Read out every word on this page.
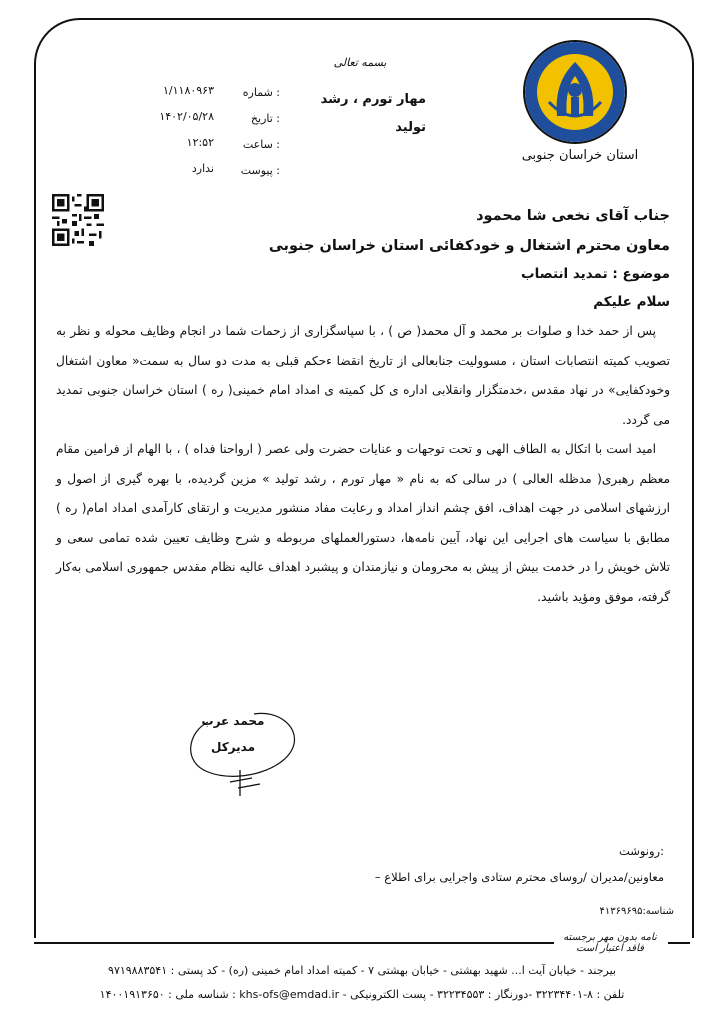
استان خراسان جنوبی
بسمه تعالی
مهار تورم ، رشد
تولید
شماره :
۱/۱۱۸۰۹۶۳
تاریخ :
۱۴۰۲/۰۵/۲۸
ساعت :
۱۲:۵۲
پیوست :
ندارد
جناب آقای نخعی شا محمود
معاون محترم اشتغال و خودکفائی استان خراسان جنوبی
موضوع : تمدید انتصاب
سلام علیکم

پس از حمد خدا و صلوات بر محمد و آل محمد( ص ) ، با سپاسگزاری از زحمات شما در انجام وظایف محوله و نظر به تصویب کمیته انتصابات استان ، مسوولیت جنابعالی از تاریخ انقضا ءحکم قبلی به مدت دو سال به سمت« معاون اشتغال وخودکفایی» در نهاد مقدس ،خدمتگزار وانقلابی اداره ی کل کمیته ی امداد امام خمینی( ره ) استان خراسان جنوبی تمدید می گردد.

امید است با اتکال به الطاف الهی و تحت توجهات و عنایات حضرت ولی عصر ( ارواحنا فداه ) ، با الهام از فرامین مقام معظم رهبری( مدظله العالی ) در سالی که به نام « مهار تورم ، رشد تولید » مزین گردیده، با بهره گیری از اصول و ارزشهای اسلامی در جهت اهداف، افق چشم انداز امداد و رعایت مفاد منشور مدیریت و ارتقای کارآمدی امداد امام( ره ) مطابق با سیاست های اجرایی این نهاد، آیین نامه‌ها، دستورالعملهای مربوطه و شرح وظایف تعیین شده تمامی سعی و تلاش خویش را در خدمت بیش از پیش به محرومان و نیازمندان و پیشبرد اهداف عالیه نظام مقدس جمهوری اسلامی به‌کار گرفته، موفق ومؤید باشید.

محمد عرب
مدیرکل
رونوشت:
– معاونین/مدیران /روسای محترم ستادی واجرایی برای اطلاع
شناسه:۴۱۳۶۹۶۹۵
نامه بدون مهر برجسته فاقد اعتبار است
بیرجند - خیابان آیت ا... شهید بهشتی - خیابان بهشتی ۷ - کمیته امداد امام خمینی (ره) - کد پستی : ۹۷۱۹۸۸۳۵۴۱
تلفن : ۸-۳۲۲۳۴۴۰۱ -دورنگار : ۳۲۲۳۴۵۵۳ - پست الکترونیکی - khs-ofs@emdad.ir : شناسه ملی : ۱۴۰۰۱۹۱۳۶۵۰
